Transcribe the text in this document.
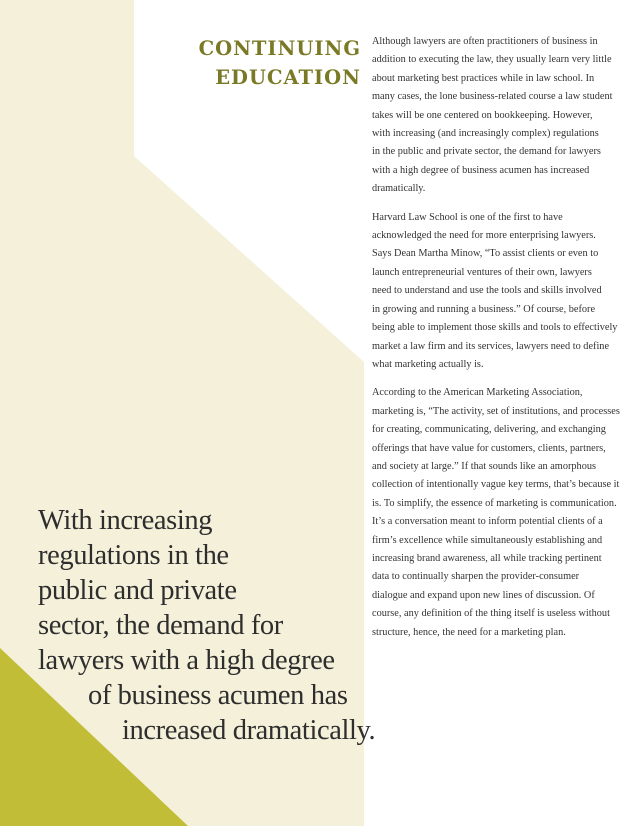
CONTINUING
EDUCATION

Although lawyers are often practitioners of business in
addition to executing the law, they usually learn very little
about marketing best practices while in law school. In
many cases, the lone business-related course a law student
takes will be one centered on bookkeeping. However,
with increasing (and increasingly complex) regulations
in the public and private sector, the demand for lawyers
with a high degree of business acumen has increased
dramatically.

Harvard Law School is one of the first to have
acknowledged the need for more enterprising lawyers.
Says Dean Martha Minow, “To assist clients or even to
launch entrepreneurial ventures of their own, lawyers
need to understand and use the tools and skills involved
in growing and running a business.” Of course, before
being able to implement those skills and tools to effectively
market a law firm and its services, lawyers need to define
what marketing actually is.

According to the American Marketing Association,
marketing is, “The activity, set of institutions, and processes
for creating, communicating, delivering, and exchanging
offerings that have value for customers, clients, partners,
and society at large.” If that sounds like an amorphous
collection of intentionally vague key terms, that’s because it
is. To simplify, the essence of marketing is communication.
It’s a conversation meant to inform potential clients of a
firm’s excellence while simultaneously establishing and
increasing brand awareness, all while tracking pertinent
data to continually sharpen the provider-consumer
dialogue and expand upon new lines of discussion. Of
course, any definition of the thing itself is useless without
structure, hence, the need for a marketing plan.

With increasing
regulations in the
public and private
sector, the demand for
lawyers with a high degree
of business acumen has
increased dramatically.
